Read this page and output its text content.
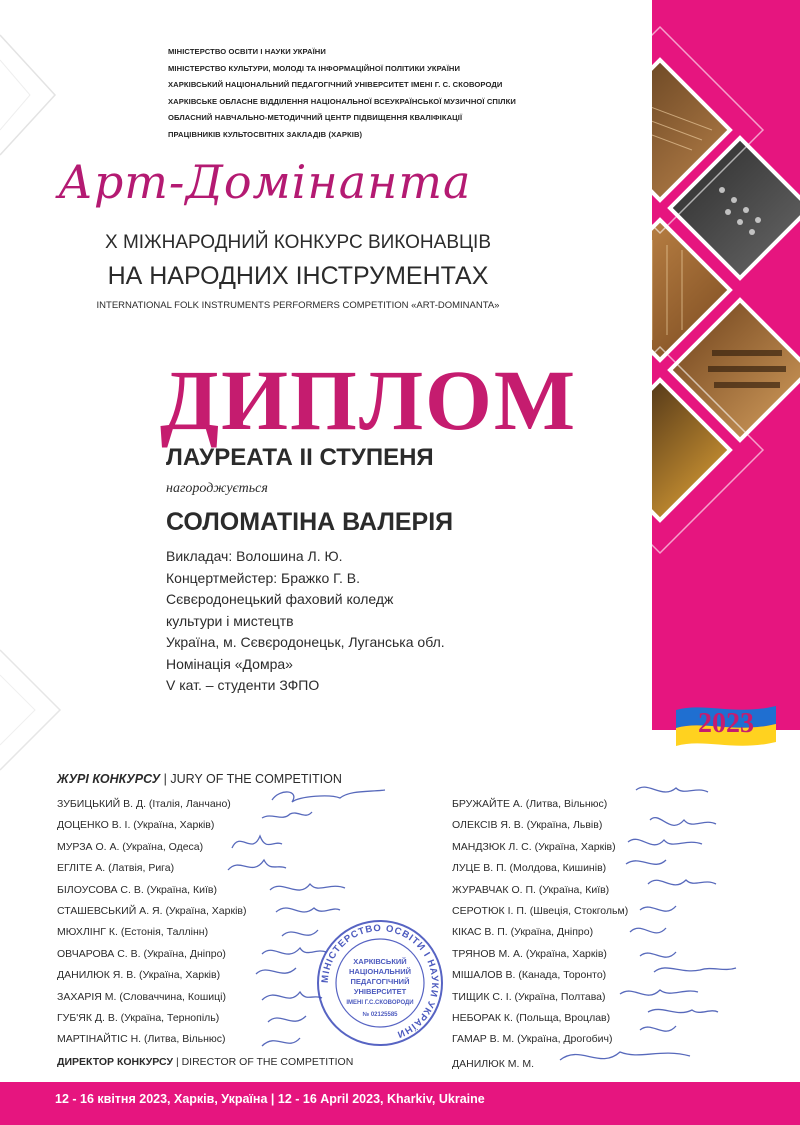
МІНІСТЕРСТВО ОСВІТИ І НАУКИ УКРАЇНИ
МІНІСТЕРСТВО КУЛЬТУРИ, МОЛОДІ ТА ІНФОРМАЦІЙНОЇ ПОЛІТИКИ УКРАЇНИ
ХАРКІВСЬКИЙ НАЦІОНАЛЬНИЙ ПЕДАГОГІЧНИЙ УНІВЕРСИТЕТ ІМЕНІ Г. С. СКОВОРОДИ
ХАРКІВСЬКЕ ОБЛАСНЕ ВІДДІЛЕННЯ НАЦІОНАЛЬНОЇ ВСЕУКРАЇНСЬКОЇ МУЗИЧНОЇ СПІЛКИ
ОБЛАСНИЙ НАВЧАЛЬНО-МЕТОДИЧНИЙ ЦЕНТР ПІДВИЩЕННЯ КВАЛІФІКАЦІЇ
ПРАЦІВНИКІВ КУЛЬТОСВІТНІХ ЗАКЛАДІВ (ХАРКІВ)
Арт-Домінанта
X МІЖНАРОДНИЙ КОНКУРС ВИКОНАВЦІВ
НА НАРОДНИХ ІНСТРУМЕНТАХ
INTERNATIONAL FOLK INSTRUMENTS PERFORMERS COMPETITION «ART-DOMINANTA»
ДИПЛОМ
ЛАУРЕАТА ІІ СТУПЕНЯ
нагороджується
СОЛОМАТІНА ВАЛЕРІЯ
Викладач: Волошина Л. Ю.
Концертмейстер: Бражко Г. В.
Сєвєродонецький фаховий коледж
культури і мистецтв
Україна, м. Сєвєродонецьк, Луганська обл.
Номінація «Домра»
V кат. – студенти ЗФПО
2023
ЖУРІ КОНКУРСУ | JURY OF THE COMPETITION
ЗУБИЦЬКИЙ В. Д. (Італія, Ланчано)
ДОЦЕНКО В. І. (Україна, Харків)
МУРЗА О. А. (Україна, Одеса)
ЕГЛІТЕ А. (Латвія, Рига)
БІЛОУСОВА С. В. (Україна, Київ)
СТАШЕВСЬКИЙ А. Я. (Україна, Харків)
МЮХЛІНГ К. (Естонія, Таллінн)
ОВЧАРОВА С. В. (Україна, Дніпро)
ДАНИЛЮК Я. В. (Україна, Харків)
ЗАХАРІЯ М. (Словаччина, Кошиці)
ГУБ'ЯК Д. В. (Україна, Тернопіль)
МАРТІНАЙТІС Н. (Литва, Вільнюс)
БРУЖАЙТЕ А. (Литва, Вільнюс)
ОЛЕКСІВ Я. В. (Україна, Львів)
МАНДЗЮК Л. С. (Україна, Харків)
ЛУЦЕ В. П. (Молдова, Кишинів)
ЖУРАВЧАК О. П. (Україна, Київ)
СЕРОТЮК І. П. (Швеція, Стокгольм)
КІКАС В. П. (Україна, Дніпро)
ТРЯНОВ М. А. (Україна, Харків)
МІШАЛОВ В. (Канада, Торонто)
ТИЩИК С. І. (Україна, Полтава)
НЕБОРАК К. (Польща, Вроцлав)
ГАМАР В. М. (Україна, Дрогобич)
ДИРЕКТОР КОНКУРСУ | DIRECTOR OF THE COMPETITION	ДАНИЛЮК М. М.
МІНІСТЕРСТВО ОСВІТИ І НАУКИ УКРАЇНИ
ХАРКІВСЬКИЙ
НАЦІОНАЛЬНИЙ
ПЕДАГОГІЧНИЙ
УНІВЕРСИТЕТ
ІМЕНІ Г.С.СКОВОРОДИ
№ 02125585
12 - 16 квітня 2023, Харків, Україна | 12 - 16 April 2023, Kharkiv, Ukraine
